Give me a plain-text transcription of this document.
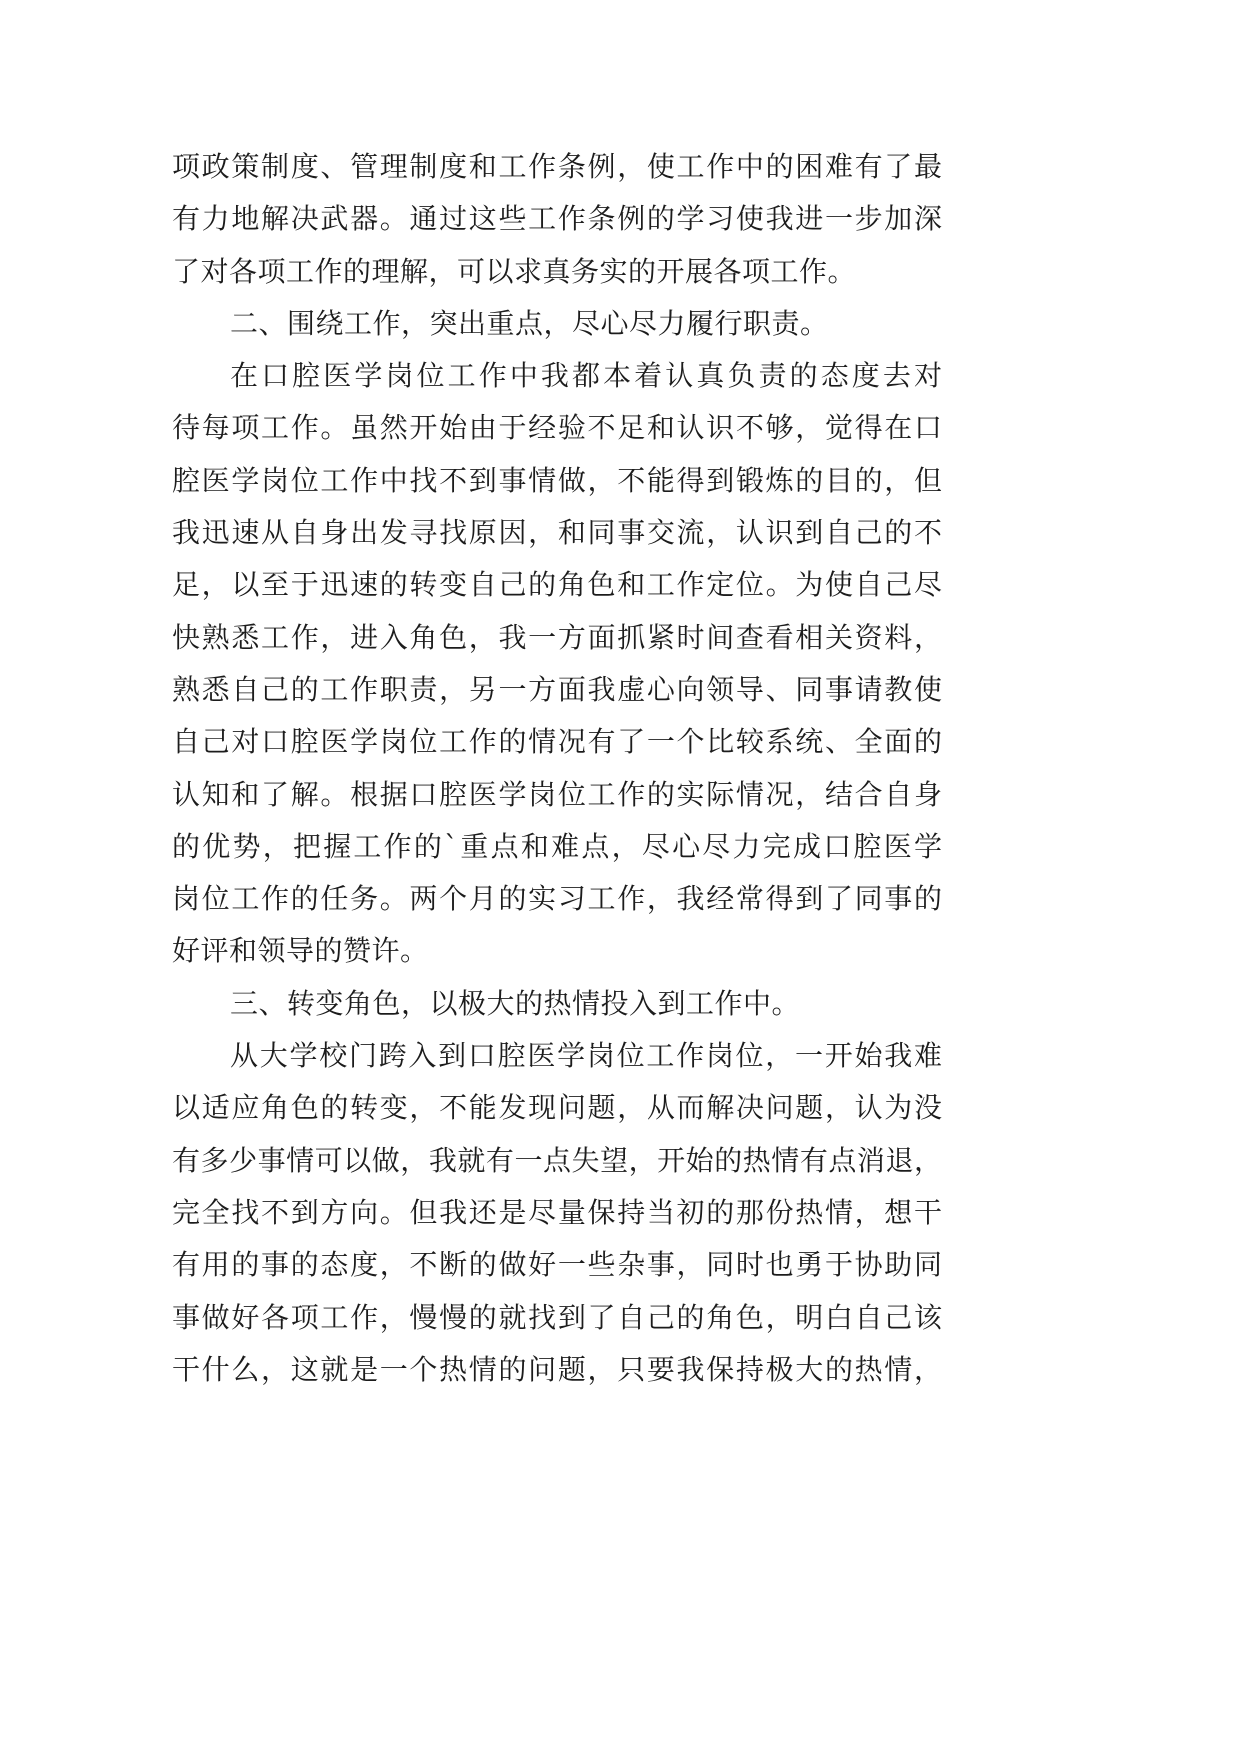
项政策制度、管理制度和工作条例，使工作中的困难有了最
有力地解决武器。通过这些工作条例的学习使我进一步加深
了对各项工作的理解，可以求真务实的开展各项工作。
二、围绕工作，突出重点，尽心尽力履行职责。
在口腔医学岗位工作中我都本着认真负责的态度去对
待每项工作。虽然开始由于经验不足和认识不够，觉得在口
腔医学岗位工作中找不到事情做，不能得到锻炼的目的，但
我迅速从自身出发寻找原因，和同事交流，认识到自己的不
足，以至于迅速的转变自己的角色和工作定位。为使自己尽
快熟悉工作，进入角色，我一方面抓紧时间查看相关资料，
熟悉自己的工作职责，另一方面我虚心向领导、同事请教使
自己对口腔医学岗位工作的情况有了一个比较系统、全面的
认知和了解。根据口腔医学岗位工作的实际情况，结合自身
的优势，把握工作的`重点和难点，尽心尽力完成口腔医学
岗位工作的任务。两个月的实习工作，我经常得到了同事的
好评和领导的赞许。
三、转变角色，以极大的热情投入到工作中。
从大学校门跨入到口腔医学岗位工作岗位，一开始我难
以适应角色的转变，不能发现问题，从而解决问题，认为没
有多少事情可以做，我就有一点失望，开始的热情有点消退，
完全找不到方向。但我还是尽量保持当初的那份热情，想干
有用的事的态度，不断的做好一些杂事，同时也勇于协助同
事做好各项工作，慢慢的就找到了自己的角色，明白自己该
干什么，这就是一个热情的问题，只要我保持极大的热情，
